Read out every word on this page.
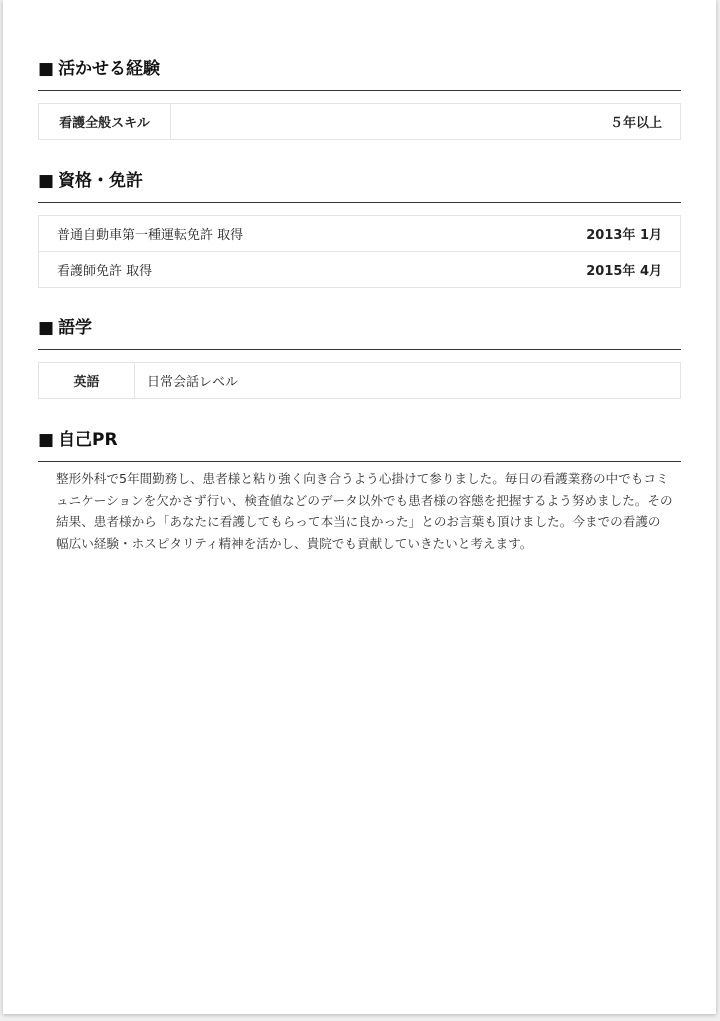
■ 活かせる経験
看護全般スキル	５年以上
■ 資格・免許
普通自動車第一種運転免許 取得	2013年 1月
看護師免許 取得	2015年 4月
■ 語学
英語	日常会話レベル
■ 自己PR
整形外科で5年間勤務し、患者様と粘り強く向き合うよう心掛けて参りました。毎日の看護業務の中でもコミュニケーションを欠かさず行い、検査値などのデータ以外でも患者様の容態を把握するよう努めました。その結果、患者様から「あなたに看護してもらって本当に良かった」とのお言葉も頂けました。今までの看護の幅広い経験・ホスピタリティ精神を活かし、貴院でも貢献していきたいと考えます。
